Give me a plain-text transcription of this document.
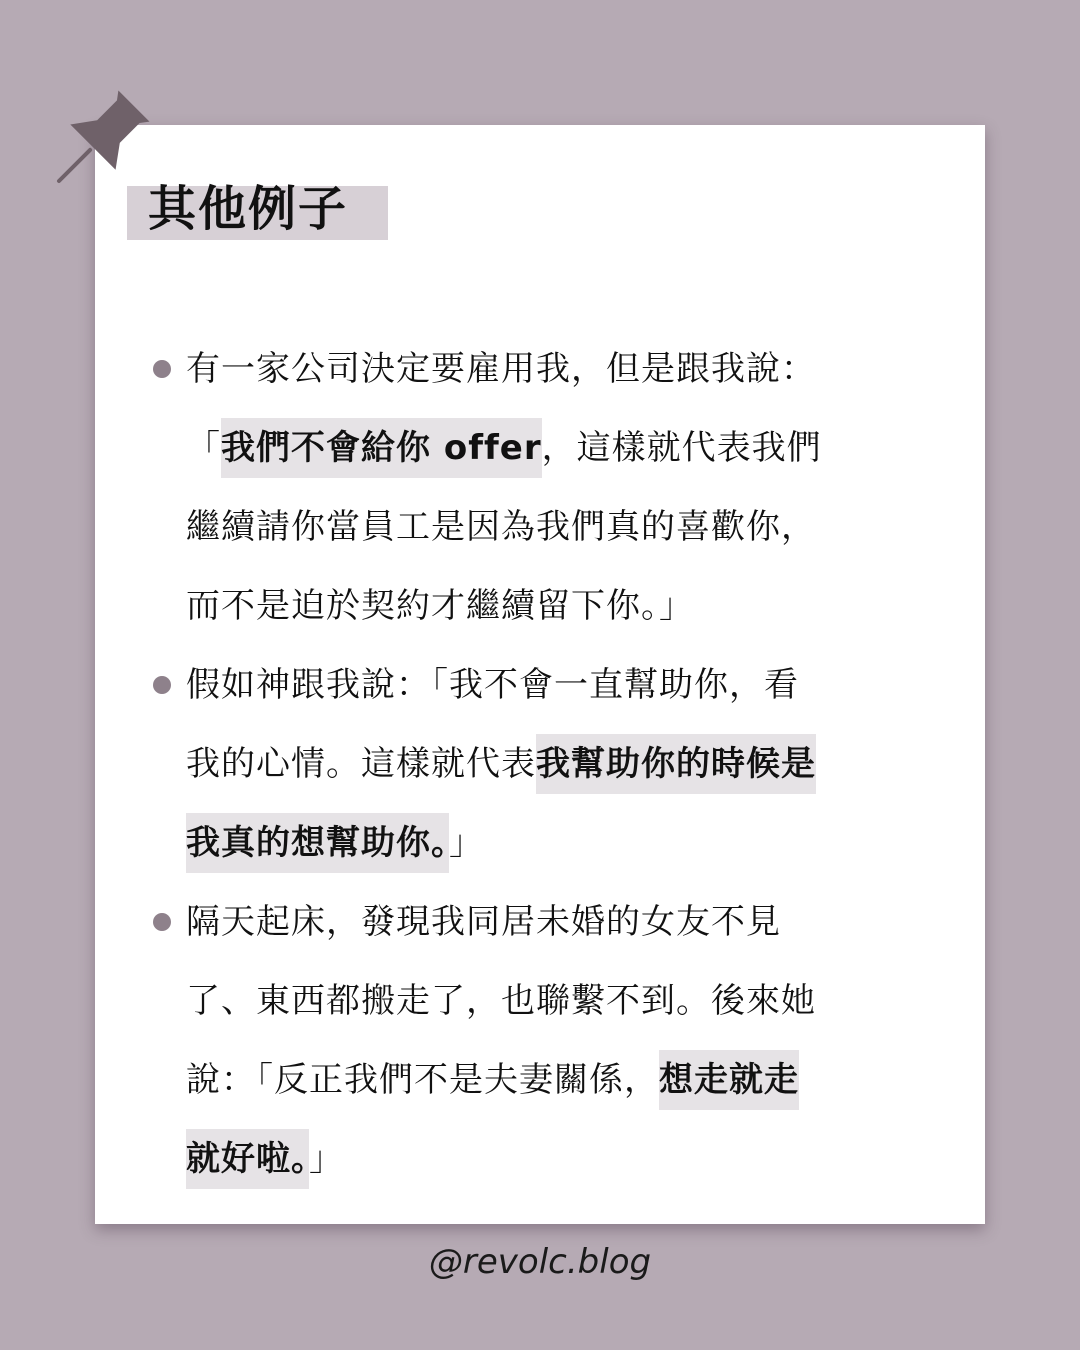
其他例子
有一家公司決定要雇用我，但是跟我說：
「我們不會給你 offer，這樣就代表我們
繼續請你當員工是因為我們真的喜歡你，
而不是迫於契約才繼續留下你。」
假如神跟我說：「我不會一直幫助你，看
我的心情。這樣就代表我幫助你的時候是
我真的想幫助你。」
隔天起床，發現我同居未婚的女友不見
了、東西都搬走了，也聯繫不到。後來她
說：「反正我們不是夫妻關係，想走就走
就好啦。」
@revolc.blog
